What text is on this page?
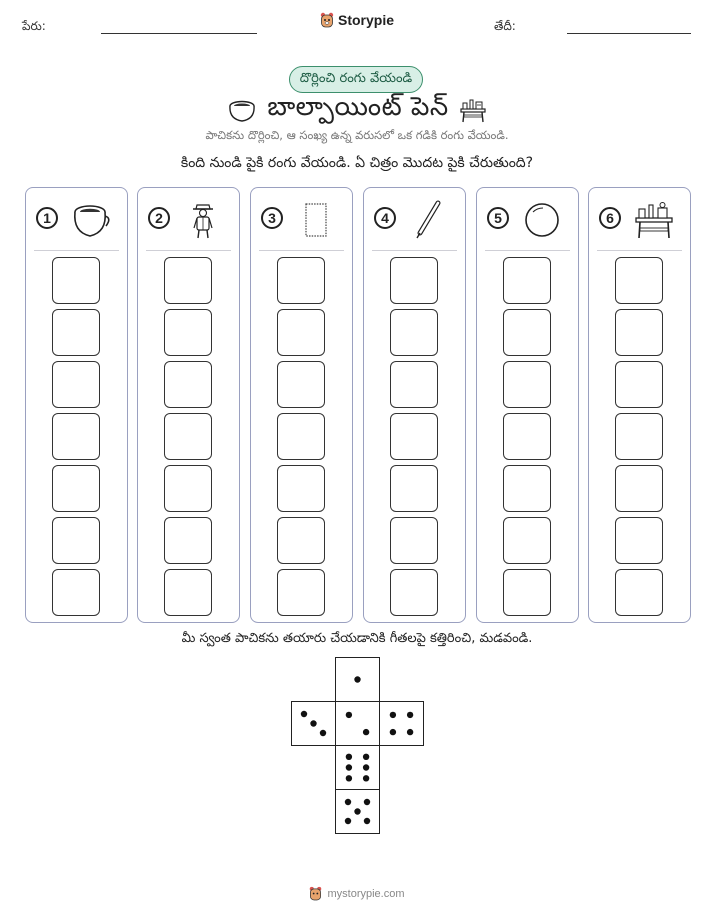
పేరు:	తేదీ:
Storypie
దొర్లించి రంగు వేయండి
బాల్పాయింట్ పెన్
పాచికను దొర్లించి, ఆ సంఖ్య ఉన్న వరుసలో ఒక గడికి రంగు వేయండి.
కింది నుండి పైకి రంగు వేయండి. ఏ చిత్రం మొదట పైకి చేరుతుంది?
1	2	3	4	5	6
మీ స్వంత పాచికను తయారు చేయడానికి గీతలపై కత్తిరించి, మడవండి.
mystorypie.com
